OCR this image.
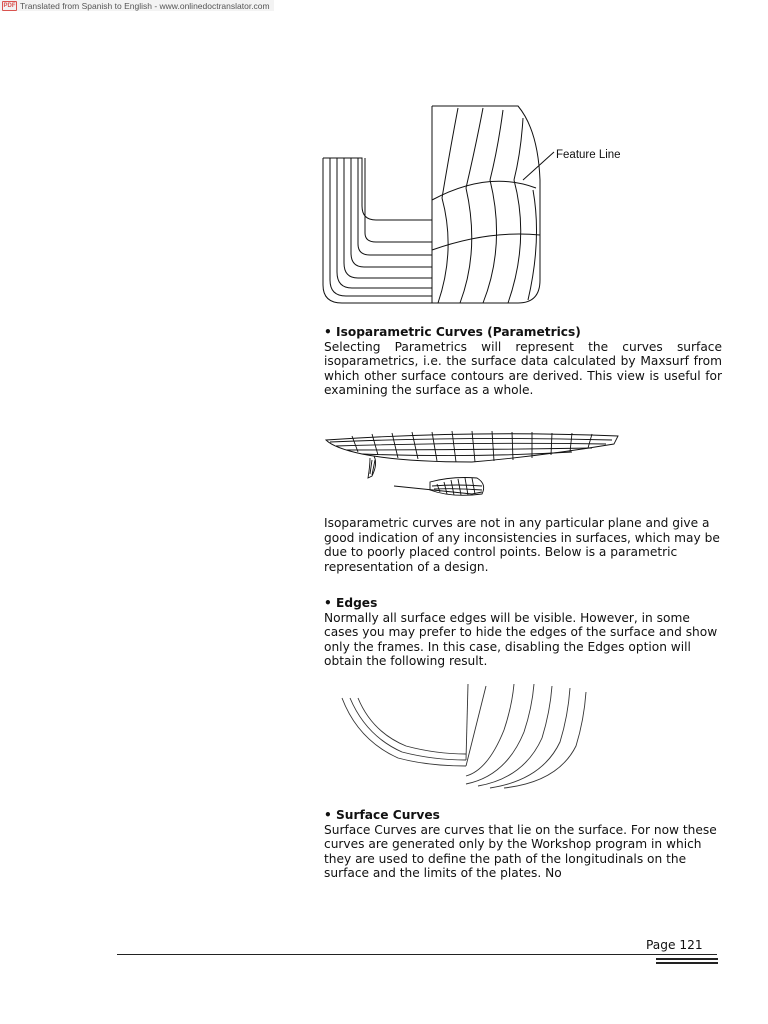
PDF Translated from Spanish to English - www.onlinedoctranslator.com
Feature Line

• Isoparametric Curves (Parametrics)

Selecting Parametrics will represent the curves surface isoparametrics, i.e. the surface data calculated by Maxsurf from which other surface contours are derived. This view is useful for examining the surface as a whole.

Isoparametric curves are not in any particular plane and give a good indication of any inconsistencies in surfaces, which may be due to poorly placed control points. Below is a parametric representation of a design.

• Edges

Normally all surface edges will be visible. However, in some cases you may prefer to hide the edges of the surface and show only the frames. In this case, disabling the Edges option will obtain the following result.

• Surface Curves

Surface Curves are curves that lie on the surface. For now these curves are generated only by the Workshop program in which they are used to define the path of the longitudinals on the surface and the limits of the plates. No

Page 121
